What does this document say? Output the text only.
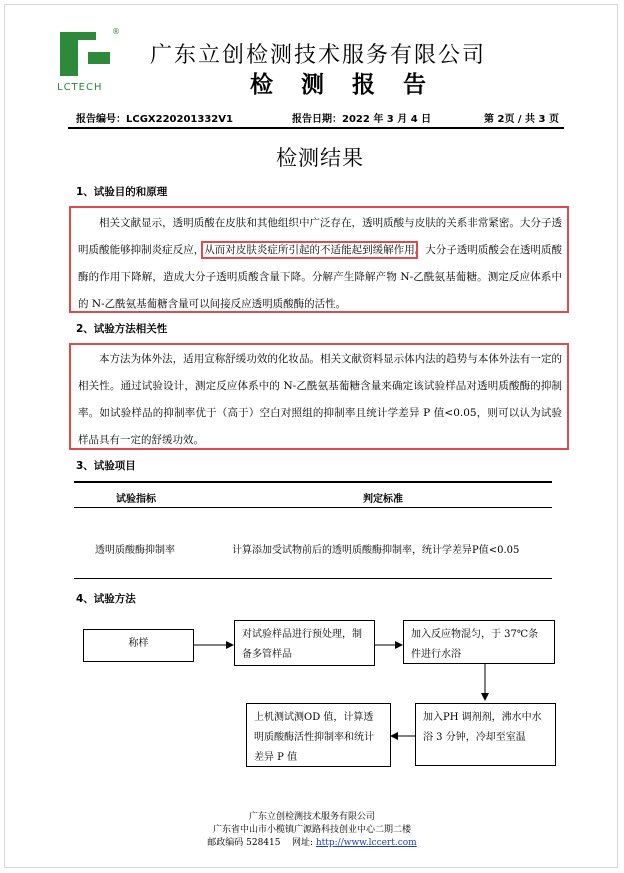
®
LCTECH
广东立创检测技术服务有限公司
检 测 报 告
报告编号：LCGX220201332V1	报告日期：2022 年 3 月 4 日	第 2页 / 共 3 页
检测结果
1、试验目的和原理

相关文献显示，透明质酸在皮肤和其他组织中广泛存在，透明质酸与皮肤的关系非常紧密。大分子透明质酸能够抑制炎症反应，从而对皮肤炎症所引起的不适能起到缓解作用。大分子透明质酸会在透明质酸酶的作用下降解，造成大分子透明质酸含量下降。分解产生降解产物 N-乙酰氨基葡糖。测定反应体系中的 N-乙酰氨基葡糖含量可以间接反应透明质酸酶的活性。

2、试验方法相关性

本方法为体外法，适用宣称舒缓功效的化妆品。相关文献资料显示体内法的趋势与本体外法有一定的相关性。通过试验设计，测定反应体系中的 N-乙酰氨基葡糖含量来确定该试验样品对透明质酸酶的抑制率。如试验样品的抑制率优于（高于）空白对照组的抑制率且统计学差异 P 值<0.05，则可以认为试验样品具有一定的舒缓功效。

3、试验项目
试验指标	判定标准
透明质酸酶抑制率	计算添加受试物前后的透明质酸酶抑制率，统计学差异P值<0.05
4、试验方法
称样
对试验样品进行预处理，制备多管样品
加入反应物混匀，于 37℃条件进行水浴
加入PH 调剂剂，沸水中水浴 3 分钟，冷却至室温
上机测试测OD 值，计算透明质酸酶活性抑制率和统计差异 P 值
广东立创检测技术服务有限公司
广东省中山市小榄镇广源路科技创业中心二期二楼
邮政编码 528415 网址: http://www.lccert.com
